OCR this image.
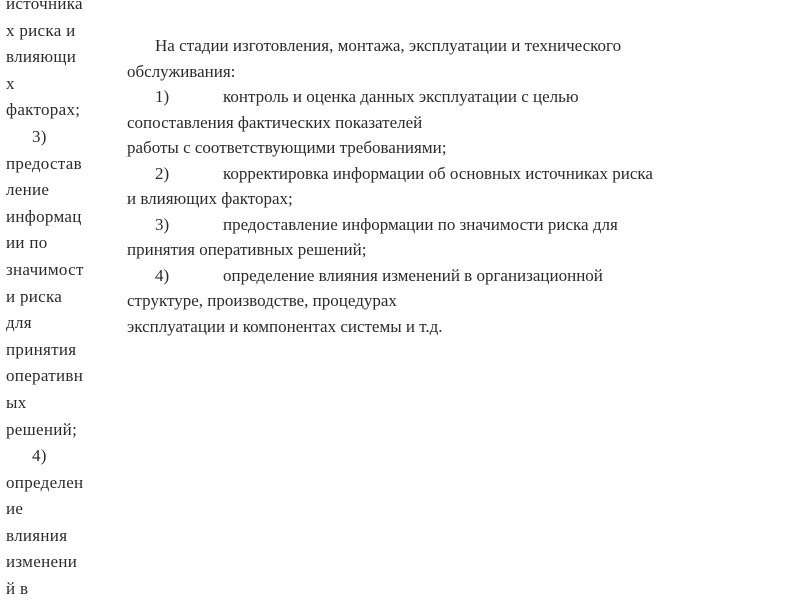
источника
х риска и
влияющи
х
факторах;
3)
предостав
ление
информац
ии по
значимост
и риска
для
принятия
оперативн
ых
решений;
4)
определен
ие
влияния
изменени
й в
На стадии изготовления, монтажа, эксплуатации и технического
обслуживания:
1)	контроль и оценка данных эксплуатации с целью
сопоставления фактических показателей
работы с соответствующими требованиями;
2)	корректировка информации об основных источниках риска
и влияющих факторах;
3)	предоставление информации по значимости риска для
принятия оперативных решений;
4)	определение влияния изменений в организационной
структуре, производстве, процедурах
эксплуатации и компонентах системы и т.д.
